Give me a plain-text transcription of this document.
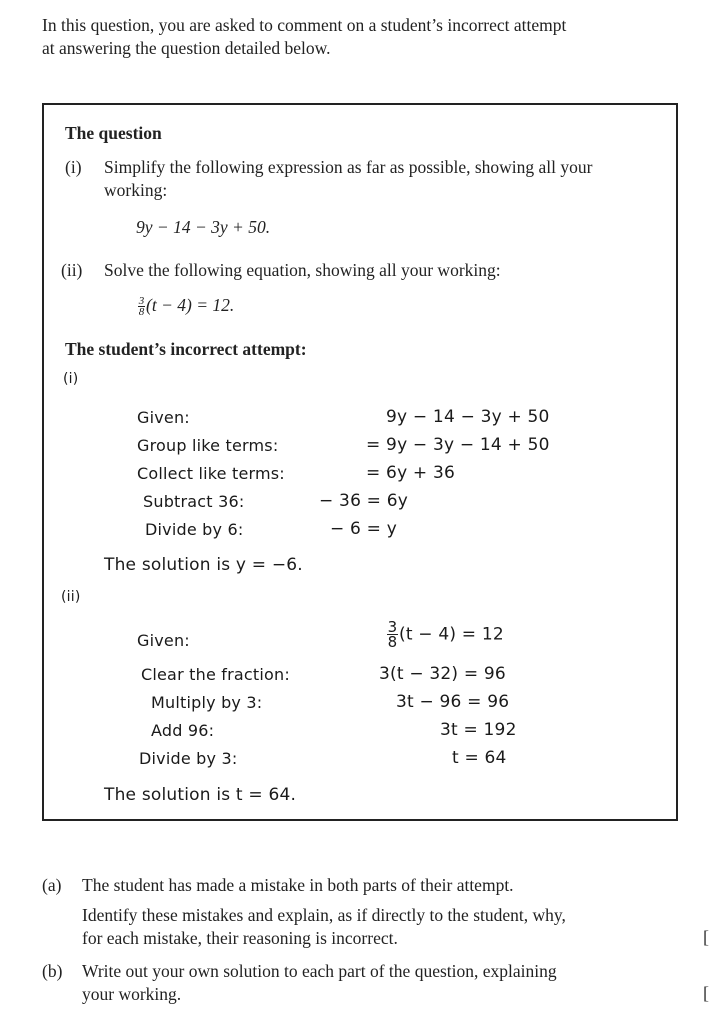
In this question, you are asked to comment on a student’s incorrect attempt
at answering the question detailed below.
The question
(i) Simplify the following expression as far as possible, showing all your
working:
9y − 14 − 3y + 50.
(ii) Solve the following equation, showing all your working:
$\frac{3}{8} (t - 4) = 12$.
The student’s incorrect attempt:
(i)
Given:
Group like terms:
Collect like terms:
Subtract 36:
Divide by 6:
9y − 14 − 3y + 50
= 9y − 3y − 14 + 50
= 6y + 36
− 36 = 6y
− 6 = y
The solution is y = −6.
(ii)
Given:
Clear the fraction:
Multiply by 3:
Add 96:
Divide by 3:
$\frac{3}{8} (t - 4) = 12$
3(t − 32) = 96
3t − 96 = 96
3t = 192
t = 64
The solution is t = 64.
(a) The student has made a mistake in both parts of their attempt.
Identify these mistakes and explain, as if directly to the student, why,
for each mistake, their reasoning is incorrect.	[
(b) Write out your own solution to each part of the question, explaining
your working.	[
